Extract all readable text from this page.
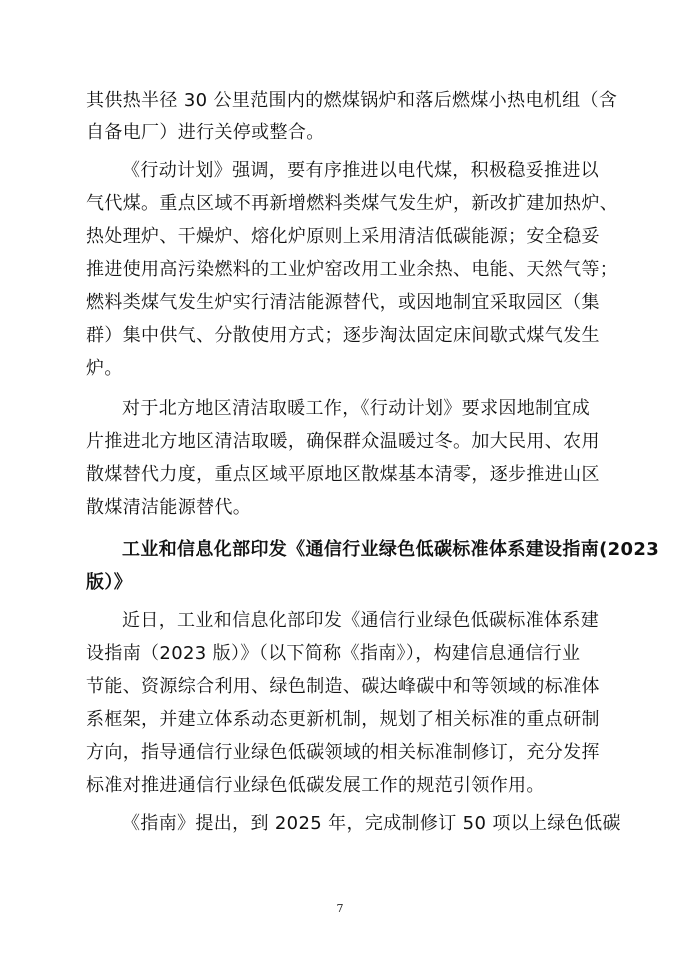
其供热半径 30 公里范围内的燃煤锅炉和落后燃煤小热电机组（含
自备电厂）进行关停或整合。
《行动计划》强调，要有序推进以电代煤，积极稳妥推进以
气代煤。重点区域不再新增燃料类煤气发生炉，新改扩建加热炉、
热处理炉、干燥炉、熔化炉原则上采用清洁低碳能源；安全稳妥
推进使用高污染燃料的工业炉窑改用工业余热、电能、天然气等；
燃料类煤气发生炉实行清洁能源替代，或因地制宜采取园区（集
群）集中供气、分散使用方式；逐步淘汰固定床间歇式煤气发生
炉。
对于北方地区清洁取暖工作，《行动计划》要求因地制宜成
片推进北方地区清洁取暖，确保群众温暖过冬。加大民用、农用
散煤替代力度，重点区域平原地区散煤基本清零，逐步推进山区
散煤清洁能源替代。
工业和信息化部印发《通信行业绿色低碳标准体系建设指南(2023
版）》
近日，工业和信息化部印发《通信行业绿色低碳标准体系建
设指南（2023 版）》（以下简称《指南》），构建信息通信行业
节能、资源综合利用、绿色制造、碳达峰碳中和等领域的标准体
系框架，并建立体系动态更新机制，规划了相关标准的重点研制
方向，指导通信行业绿色低碳领域的相关标准制修订，充分发挥
标准对推进通信行业绿色低碳发展工作的规范引领作用。
《指南》提出，到 2025 年，完成制修订 50 项以上绿色低碳
7
